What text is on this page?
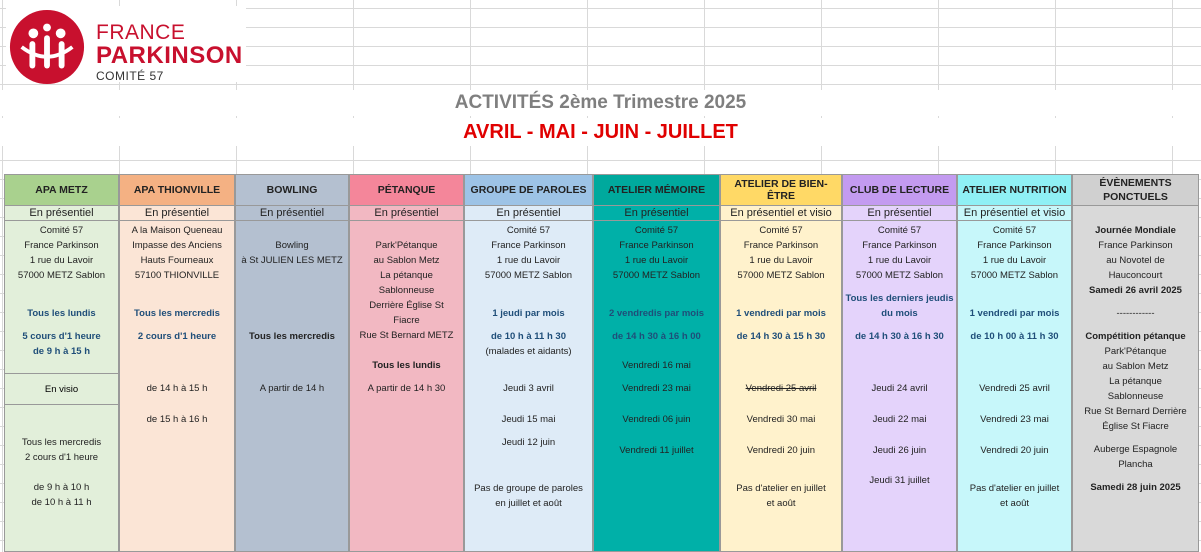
FRANCE
PARKINSON
COMITÉ 57
ACTIVITÉS 2ème Trimestre 2025
AVRIL - MAI - JUIN - JUILLET
APA METZ
En présentiel
Comité 57
France Parkinson
1 rue du Lavoir
57000 METZ Sablon
Tous les lundis
5 cours d'1 heure
de 9 h à 15 h
En visio
Tous les mercredis
2 cours d'1 heure
de 9 h à 10 h
de 10 h à 11 h
APA THIONVILLE
En présentiel
A la Maison Queneau
Impasse des Anciens
Hauts Fourneaux
57100 THIONVILLE
Tous les mercredis
2 cours d'1 heure
de 14 h à 15 h
de 15 h à 16 h
BOWLING
En présentiel
Bowling
à St JULIEN LES METZ
Tous les mercredis
A partir de 14 h
PÉTANQUE
En présentiel
Park'Pétanque
au Sablon Metz
La pétanque
Sablonneuse
Derrière Église St
Fiacre
Rue St Bernard METZ
Tous les lundis
A partir de 14 h 30
GROUPE DE PAROLES
En présentiel
Comité 57
France Parkinson
1 rue du Lavoir
57000 METZ Sablon
1 jeudi par mois
de 10 h à 11 h 30
(malades et aidants)
Jeudi 3 avril
Jeudi 15 mai
Jeudi 12 juin
Pas de groupe de paroles
en juillet et août
ATELIER MÉMOIRE
En présentiel
Comité 57
France Parkinson
1 rue du Lavoir
57000 METZ Sablon
2 vendredis par mois
de 14 h 30 à 16 h 00
Vendredi 16 mai
Vendredi 23 mai
Vendredi 06 juin
Vendredi 11 juillet
ATELIER DE BIEN-ÊTRE
En présentiel et visio
Comité 57
France Parkinson
1 rue du Lavoir
57000 METZ Sablon
1 vendredi par mois
de 14 h 30 à 15 h 30
Vendredi 25 avril
Vendredi 30 mai
Vendredi 20 juin
Pas d'atelier en juillet
et août
CLUB DE LECTURE
En présentiel
Comité 57
France Parkinson
1 rue du Lavoir
57000 METZ Sablon
Tous les derniers jeudis
du mois
de 14 h 30 à 16 h 30
Jeudi 24 avril
Jeudi 22 mai
Jeudi 26 juin
Jeudi 31 juillet
ATELIER NUTRITION
En présentiel et visio
Comité 57
France Parkinson
1 rue du Lavoir
57000 METZ Sablon
1 vendredi par mois
de 10 h 00 à 11 h 30
Vendredi 25 avril
Vendredi 23 mai
Vendredi 20 juin
Pas d'atelier en juillet
et août
ÉVÈNEMENTS
PONCTUELS
Journée Mondiale
France Parkinson
au Novotel de
Hauconcourt
Samedi 26 avril 2025
------------
Compétition pétanque
Park'Pétanque
au Sablon Metz
La pétanque
Sablonneuse
Rue St Bernard Derrière
Église St Fiacre
Auberge Espagnole
Plancha
Samedi 28 juin 2025
